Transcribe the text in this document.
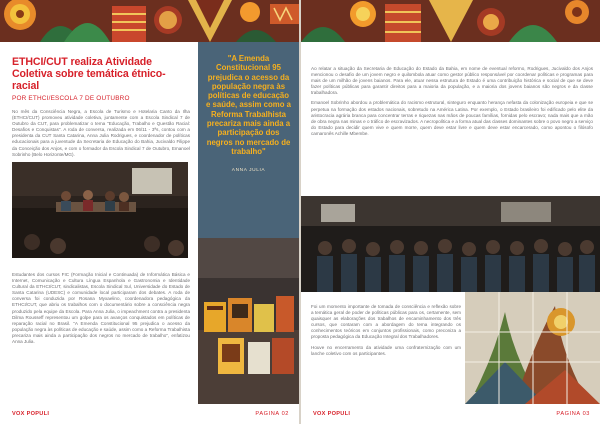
ETHCI/CUT realiza Atividade Coletiva sobre temática étnico-racial
POR ETHCI/ESCOLA 7 DE OUTUBRO

No mês da Consciência Negra, a Escola de Turismo e Hotelaria Canto da Ilha (ETHCI/CUT) promoveu atividade coletiva, juntamente com a Escola Sindical 7 de Outubro da CUT, para problematizar o tema "Educação, Trabalho e Questão Racial: Desafios e Conquistas". A roda de conversa, realizada em 06/11 - 3ªs, contou com a presidenta da CUT Santa Catarina, Anna Julia Rodrigues, e coordenador de políticas educacionais para a juventude da Secretaria de Educação do Bahia, Jucivaldo Filippe da Conceição dos Anjos, e com o formador da Escola Sindical 7 de Outubro, Emanoel Sobrinho (Belo Horizonte/MG).

Estudantes dos cursos FIC (Formação Inicial e Continuada) de Informática Básica e Internet, Comunicação e Cultura Língua Espanhola e Gastronomia e Identidade Cultural da ETHCI/CUT, sindicalistas, Escola Sindical Sul, Universidade do Estado de Santa Catarina (UDESC) e comunidade local participaram dos debates. A roda de conversa foi conduzida por Rosana Myxaelino, coordenadora pedagógica da ETHCI/CUT, que abriu os trabalhos com o documentário sobre a consciência negra produzido pela equipe da Escola. Para Anna Julia, o impeachment contra a presidenta Dilma Rousseff representou um golpe para os avanços conquistados em políticas de reparação racial no Brasil. "A Emenda Constitucional 95 prejudica o acesso da população negra às políticas de educação e saúde, assim como a Reforma Trabalhista precariza mais ainda a participação dos negros no mercado de trabalho", enfatizou Anna Julia.

"A Emenda Constitucional 95 prejudica o acesso da população negra às políticas de educação e saúde, assim como a Reforma Trabalhista precariza mais ainda a participação dos negros no mercado de trabalho"
ANNA JULIA
VOX POPULI	PAGINA 02

Ao relatar a situação da Secretaria de Educação do Estado da Bahia, em nome de eventual reformo, Rodrigues, Jucivaldo dos Anjos mencionou o desafio de um jovem negro e quilombola atuar como gestor público responsável por coordenar políticas e programas para mais de um milhão de jovens baianos. Para ele, atuar nessa estrutura de Estado é uma contribuição histórica e social de que se deve fazer políticas públicas para garantir direitos para a maioria da população, e a maioria dos jovens baianos são negros e da classe trabalhadora.

Emanoel Sobrinho abordou a problemática do racismo estrutural, sinteguro enquanto herança nefasta da colonização europeia e que se perpetua na formação dos estados nacionais, sobretudo na América Latina. Por exemplo, o Estado brasileiro foi edificado pelo elite da aristocracia agrária branca para concentrar terras e riquezas nas mãos de poucas famílias, fornidas pelo escravo; nada mais que a mão de obra negra nas minas e o tráfico de escravizados. A necropolítica e a forma atual das classes dominantes sobre o povo negro a serviço do Estado para decidir quem vive e quem morre, quem deve estar livre e quem deve estar encarcerado, como apontou o filósofo camaronês Achille Mbembe.

Foi um momento importante de tomada de consciência e reflexão sobre a temática geral de poder de políticas públicas para os, certamente, sem quaisquer as elaborações dos trabalhos de encaminhamento dos três cursos, que contaram com a abordagem do tema integrando os conhecimentos teóricos em conjuntos profissionais, como preconiza a proposta pedagógica da Educação Integral dos Trabalhadores.

Houve no encerramento da atividade uma confraternização com um lanche coletivo com os participantes.

VOX POPULI	PAGINA 03
